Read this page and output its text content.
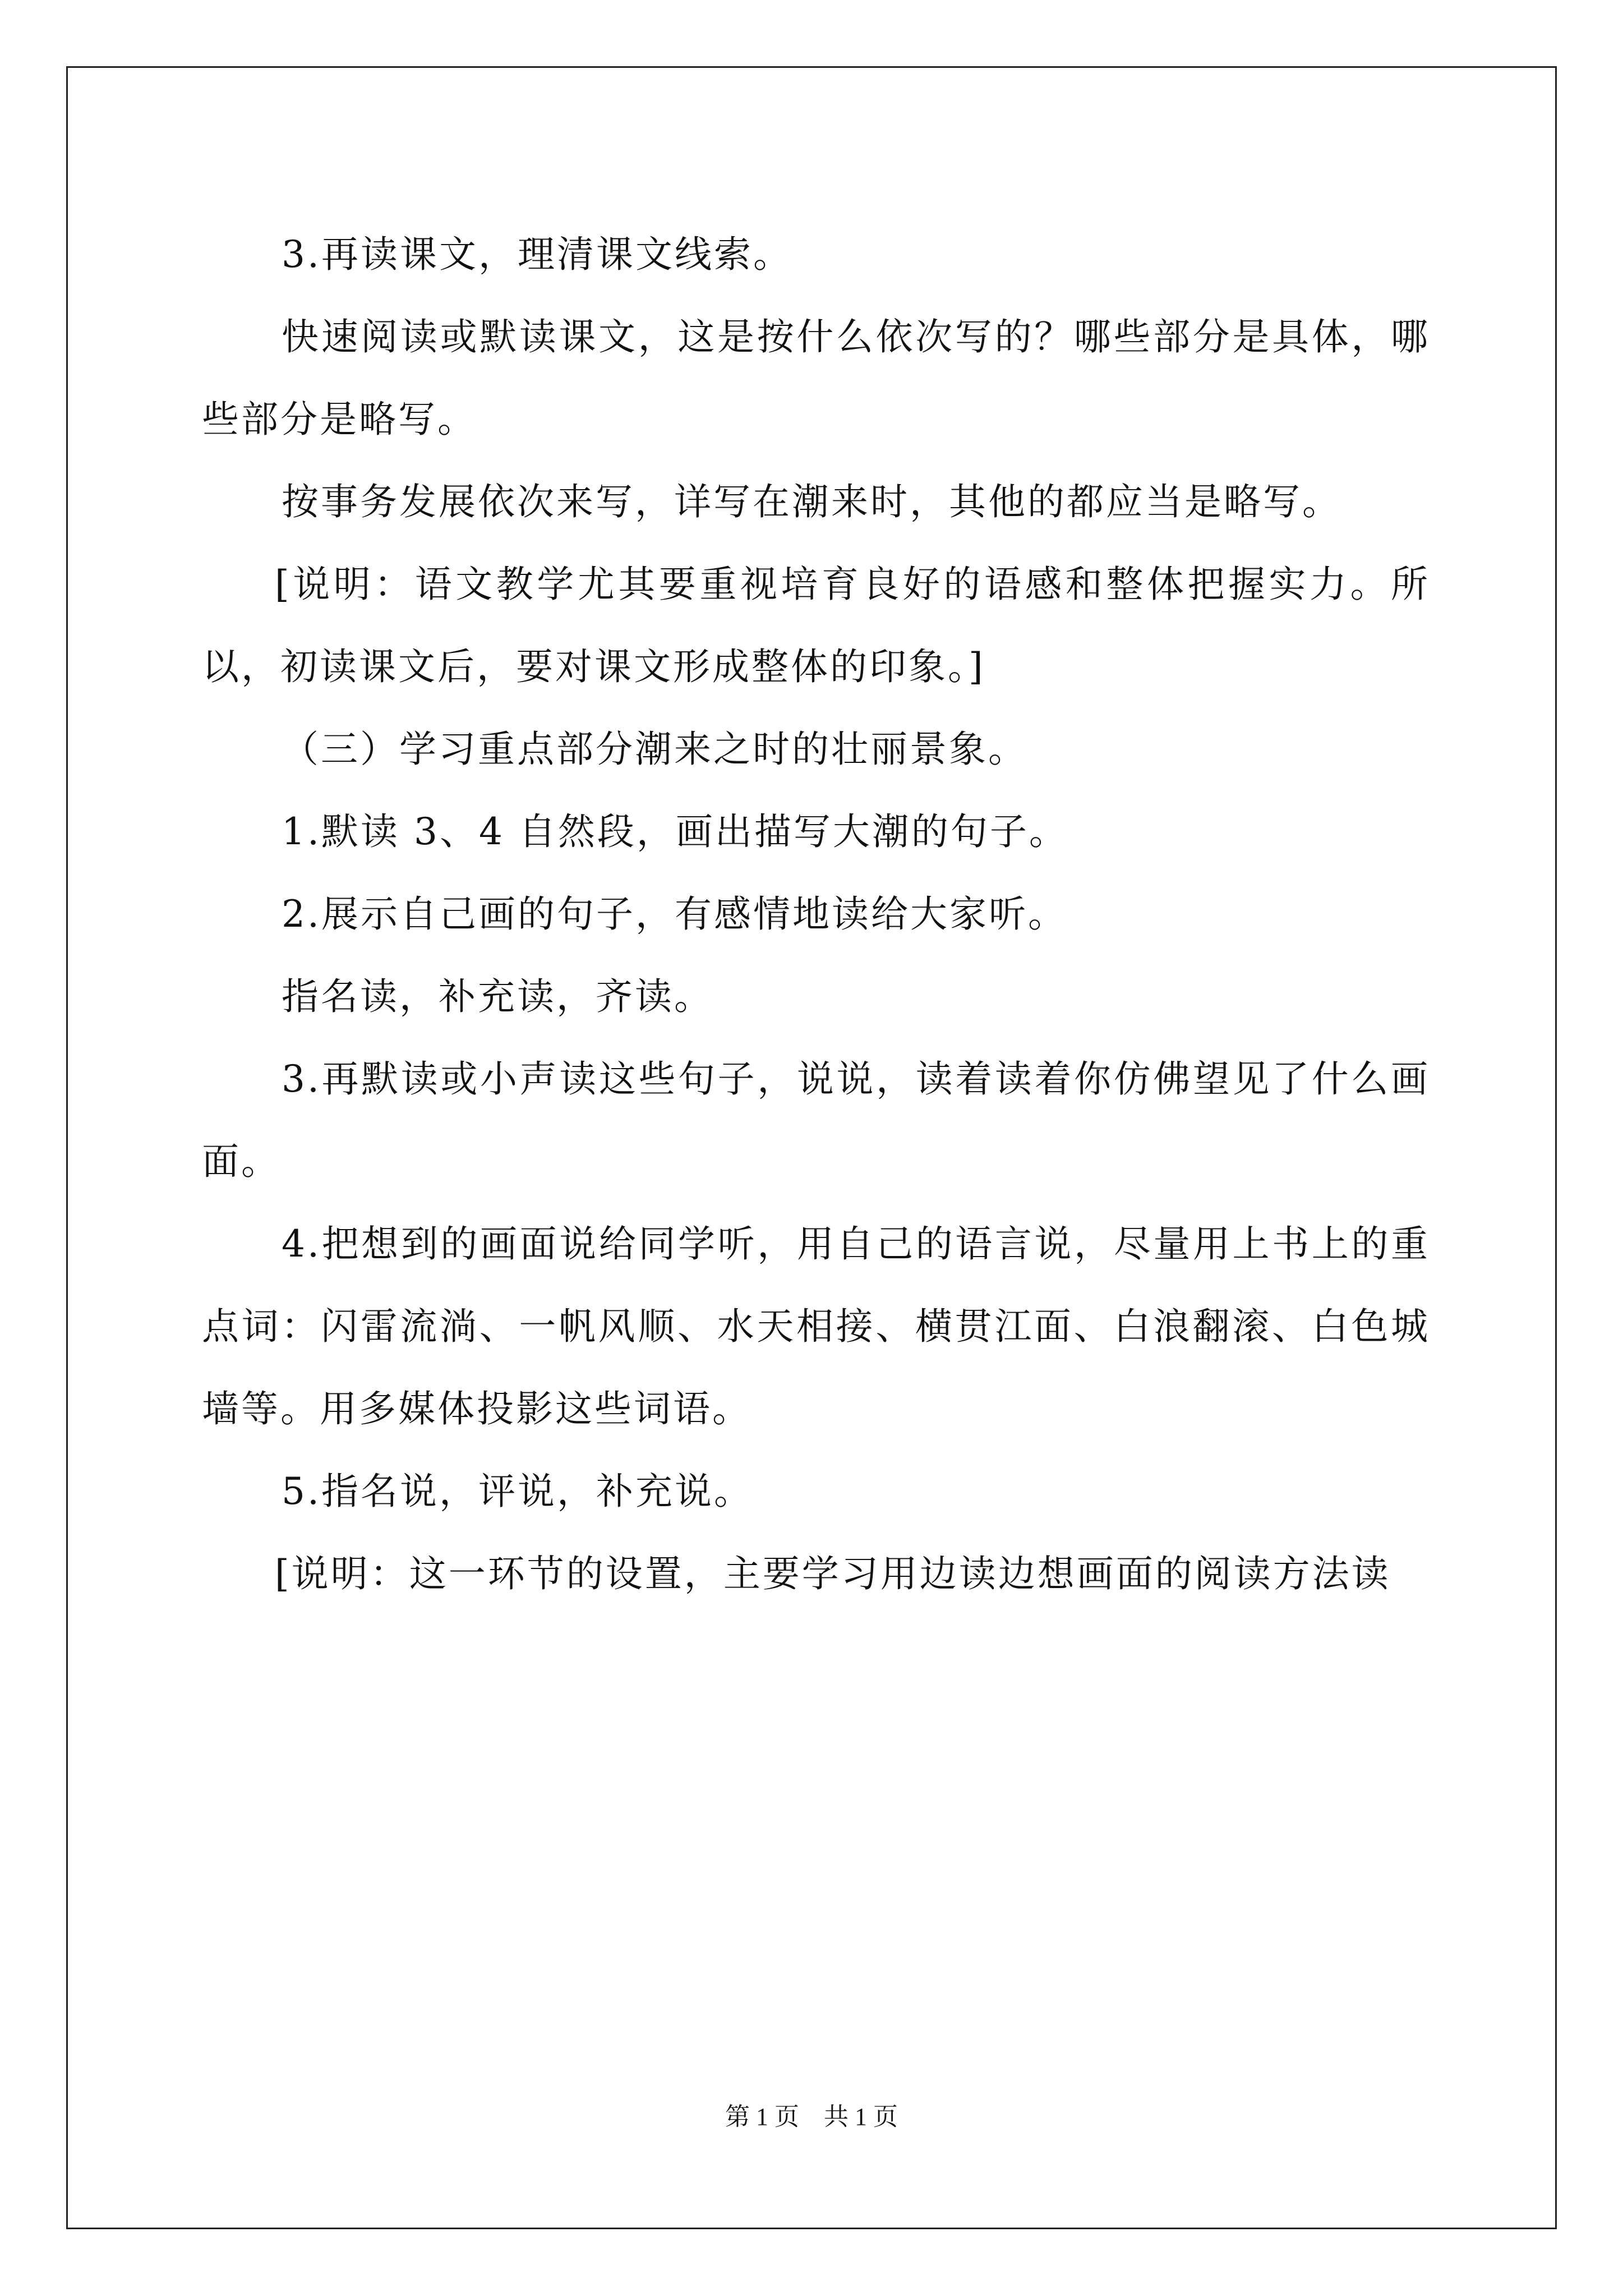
3.再读课文，理清课文线索。

快速阅读或默读课文，这是按什么依次写的？哪些部分是具体，哪些部分是略写。

按事务发展依次来写，详写在潮来时，其他的都应当是略写。

[说明：语文教学尤其要重视培育良好的语感和整体把握实力。所以，初读课文后，要对课文形成整体的印象。]

（三）学习重点部分潮来之时的壮丽景象。

1.默读 3、4 自然段，画出描写大潮的句子。

2.展示自己画的句子，有感情地读给大家听。

指名读，补充读，齐读。

3.再默读或小声读这些句子，说说，读着读着你仿佛望见了什么画面。

4.把想到的画面说给同学听，用自己的语言说，尽量用上书上的重点词：闪雷流淌、一帆风顺、水天相接、横贯江面、白浪翻滚、白色城墙等。用多媒体投影这些词语。

5.指名说，评说，补充说。

[说明：这一环节的设置，主要学习用边读边想画面的阅读方法读

第 1 页　共 1 页
